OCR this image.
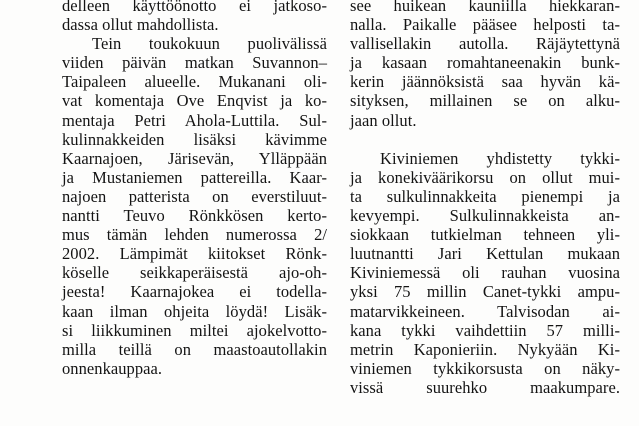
delleen käyttöönotto ei jatkoso-
dassa ollut mahdollista.
Tein toukokuun puolivälissä
viiden päivän matkan Suvannon–
Taipaleen alueelle. Mukanani oli-
vat komentaja Ove Enqvist ja ko-
mentaja Petri Ahola-Luttila. Sul-
kulinnakkeiden lisäksi kävimme
Kaarnajoen, Järisevän, Ylläppään
ja Mustaniemen pattereilla. Kaar-
najoen patterista on everstiluut-
nantti Teuvo Rönkkösen kerto-
mus tämän lehden numerossa 2/
2002. Lämpimät kiitokset Rönk-
köselle seikkaperäisestä ajo-oh-
jeesta! Kaarnajokea ei todella-
kaan ilman ohjeita löydä! Lisäk-
si liikkuminen miltei ajokelvotto-
milla teillä on maastoautollakin
onnenkauppaa.
see huikean kauniilla hiekkaran-
nalla. Paikalle pääsee helposti ta-
vallisellakin autolla. Räjäytettynä
ja kasaan romahtaneenakin bunk-
kerin jäännöksistä saa hyvän kä-
sityksen, millainen se on alku-
jaan ollut.
Kiviniemen yhdistetty tykki-
ja konekiväärikorsu on ollut mui-
ta sulkulinnakkeita pienempi ja
kevyempi. Sulkulinnakkeista an-
siokkaan tutkielman tehneen yli-
luutnantti Jari Kettulan mukaan
Kiviniemessä oli rauhan vuosina
yksi 75 millin Canet-tykki ampu-
matarvikkeineen. Talvisodan ai-
kana tykki vaihdettiin 57 milli-
metrin Kaponieriin. Nykyään Ki-
viniemen tykkikorsusta on näky-
vissä suurehko maakumpare.
